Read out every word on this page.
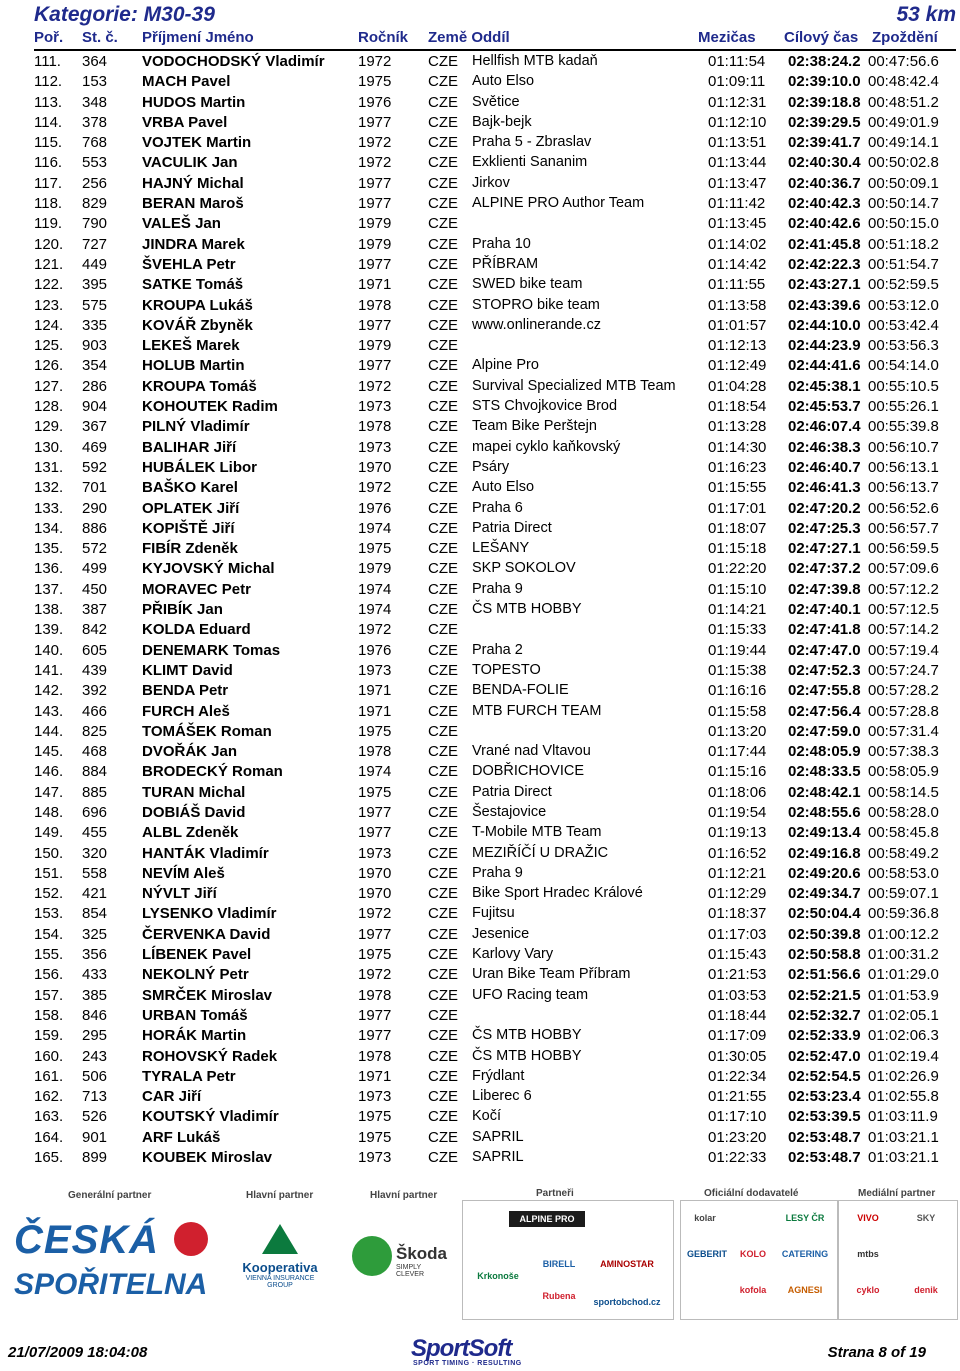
Kategorie: M30-39	53 km
Poř. St. č. Příjmení Jméno	Ročník Země Oddíl	Mezičas Cílový čas Zpoždění
111.	364	VODOCHODSKÝ Vladimír 1972 CZE Hellfish MTB kadaň	01:11:54 02:38:24.2 00:47:56.6
112.	153	MACH Pavel	1975 CZE Auto Elso	01:09:11 02:39:10.0 00:48:42.4
113.	348	HUDOS Martin	1976 CZE Světice	01:12:31 02:39:18.8 00:48:51.2
114.	378	VRBA Pavel	1977 CZE Bajk-bejk	01:12:10 02:39:29.5 00:49:01.9
115.	768	VOJTEK Martin	1972 CZE Praha 5 - Zbraslav	01:13:51 02:39:41.7 00:49:14.1
116.	553	VACULIK Jan	1972 CZE Exklienti Sananim	01:13:44 02:40:30.4 00:50:02.8
117.	256	HAJNÝ Michal	1977 CZE Jirkov	01:13:47 02:40:36.7 00:50:09.1
118.	829	BERAN Maroš	1977 CZE ALPINE PRO Author Team	01:11:42 02:40:42.3 00:50:14.7
119.	790	VALEŠ Jan	1979 CZE	01:13:45 02:40:42.6 00:50:15.0
120.	727	JINDRA Marek	1979 CZE Praha 10	01:14:02 02:41:45.8 00:51:18.2
121.	449	ŠVEHLA Petr	1977 CZE PŘÍBRAM	01:14:42 02:42:22.3 00:51:54.7
122.	395	SATKE Tomáš	1971 CZE SWED bike team	01:11:55 02:43:27.1 00:52:59.5
123.	575	KROUPA Lukáš	1978 CZE STOPRO bike team	01:13:58 02:43:39.6 00:53:12.0
124.	335	KOVÁŘ Zbyněk	1977 CZE www.onlinerande.cz	01:01:57 02:44:10.0 00:53:42.4
125.	903	LEKEŠ Marek	1979 CZE	01:12:13 02:44:23.9 00:53:56.3
126.	354	HOLUB Martin	1977 CZE Alpine Pro	01:12:49 02:44:41.6 00:54:14.0
127.	286	KROUPA Tomáš	1972 CZE Survival Specialized MTB Team 01:04:28 02:45:38.1 00:55:10.5
128.	904	KOHOUTEK Radim	1973 CZE STS Chvojkovice Brod	01:18:54 02:45:53.7 00:55:26.1
129.	367	PILNÝ Vladimír	1978 CZE Team Bike Perštejn	01:13:28 02:46:07.4 00:55:39.8
130.	469	BALIHAR Jiří	1973 CZE mapei cyklo kaňkovský	01:14:30 02:46:38.3 00:56:10.7
131.	592	HUBÁLEK Libor	1970 CZE Psáry	01:16:23 02:46:40.7 00:56:13.1
132.	701	BAŠKO Karel	1972 CZE Auto Elso	01:15:55 02:46:41.3 00:56:13.7
133.	290	OPLATEK Jiří	1976 CZE Praha 6	01:17:01 02:47:20.2 00:56:52.6
134.	886	KOPIŠTĚ Jiří	1974 CZE Patria Direct	01:18:07 02:47:25.3 00:56:57.7
135.	572	FIBÍR Zdeněk	1975 CZE LEŠANY	01:15:18 02:47:27.1 00:56:59.5
136.	499	KYJOVSKÝ Michal	1979 CZE SKP SOKOLOV	01:22:20 02:47:37.2 00:57:09.6
137.	450	MORAVEC Petr	1974 CZE Praha 9	01:15:10 02:47:39.8 00:57:12.2
138.	387	PŘIBÍK Jan	1974 CZE ČS MTB HOBBY	01:14:21 02:47:40.1 00:57:12.5
139.	842	KOLDA Eduard	1972 CZE	01:15:33 02:47:41.8 00:57:14.2
140.	605	DENEMARK Tomas	1976 CZE Praha 2	01:19:44 02:47:47.0 00:57:19.4
141.	439	KLIMT David	1973 CZE TOPESTO	01:15:38 02:47:52.3 00:57:24.7
142.	392	BENDA Petr	1971 CZE BENDA-FOLIE	01:16:16 02:47:55.8 00:57:28.2
143.	466	FURCH Aleš	1971 CZE MTB FURCH TEAM	01:15:58 02:47:56.4 00:57:28.8
144.	825	TOMÁŠEK Roman	1975 CZE	01:13:20 02:47:59.0 00:57:31.4
145.	468	DVOŘÁK Jan	1978 CZE Vrané nad Vltavou	01:17:44 02:48:05.9 00:57:38.3
146.	884	BRODECKÝ Roman	1974 CZE DOBŘICHOVICE	01:15:16 02:48:33.5 00:58:05.9
147.	885	TURAN Michal	1975 CZE Patria Direct	01:18:06 02:48:42.1 00:58:14.5
148.	696	DOBIÁŠ David	1977 CZE Šestajovice	01:19:54 02:48:55.6 00:58:28.0
149.	455	ALBL Zdeněk	1977 CZE T-Mobile MTB Team	01:19:13 02:49:13.4 00:58:45.8
150.	320	HANTÁK Vladimír	1973 CZE MEZIŘÍČÍ U DRAŽIC	01:16:52 02:49:16.8 00:58:49.2
151.	558	NEVÍM Aleš	1970 CZE Praha 9	01:12:21 02:49:20.6 00:58:53.0
152.	421	NÝVLT Jiří	1970 CZE Bike Sport Hradec Králové	01:12:29 02:49:34.7 00:59:07.1
153.	854	LYSENKO Vladimír	1972 CZE Fujitsu	01:18:37 02:50:04.4 00:59:36.8
154.	325	ČERVENKA David	1977 CZE Jesenice	01:17:03 02:50:39.8 01:00:12.2
155.	356	LÍBENEK Pavel	1975 CZE Karlovy Vary	01:15:43 02:50:58.8 01:00:31.2
156.	433	NEKOLNÝ Petr	1972 CZE Uran Bike Team Příbram	01:21:53 02:51:56.6 01:01:29.0
157.	385	SMRČEK Miroslav	1978 CZE UFO Racing team	01:03:53 02:52:21.5 01:01:53.9
158.	846	URBAN Tomáš	1977 CZE	01:18:44 02:52:32.7 01:02:05.1
159.	295	HORÁK Martin	1977 CZE ČS MTB HOBBY	01:17:09 02:52:33.9 01:02:06.3
160.	243	ROHOVSKÝ Radek	1978 CZE ČS MTB HOBBY	01:30:05 02:52:47.0 01:02:19.4
161.	506	TYRALA Petr	1971 CZE Frýdlant	01:22:34 02:52:54.5 01:02:26.9
162.	713	CAR Jiří	1973 CZE Liberec 6	01:21:55 02:53:23.4 01:02:55.8
163.	526	KOUTSKÝ Vladimír	1975 CZE Kočí	01:17:10 02:53:39.5 01:03:11.9
164.	901	ARF Lukáš	1975 CZE SAPRIL	01:23:20 02:53:48.7 01:03:21.1
165.	899	KOUBEK Miroslav	1973 CZE SAPRIL	01:22:33 02:53:48.7 01:03:21.1
Generální partner	Hlavní partner	Hlavní partner	Partneři	Oficiální dodavatelé	Mediální partner
ČESKÁ
SPOŘITELNA
Kooperativa
VIENNA INSURANCE GROUP
Škoda
SIMPLY CLEVER
ALPINE PRO
BIRELL	AMINOSTAR
Rubena
Krkonoše
sportobchod.cz
kolar
GEBERIT	KOLO
kofola
LESY ČR
CATERING
AGNESI
VIVO
cyklo
mtbs
SKY
denik
21/07/2009 18:04:08	SportSoft
SPORT TIMING · RESULTING
Strana 8 of 19
